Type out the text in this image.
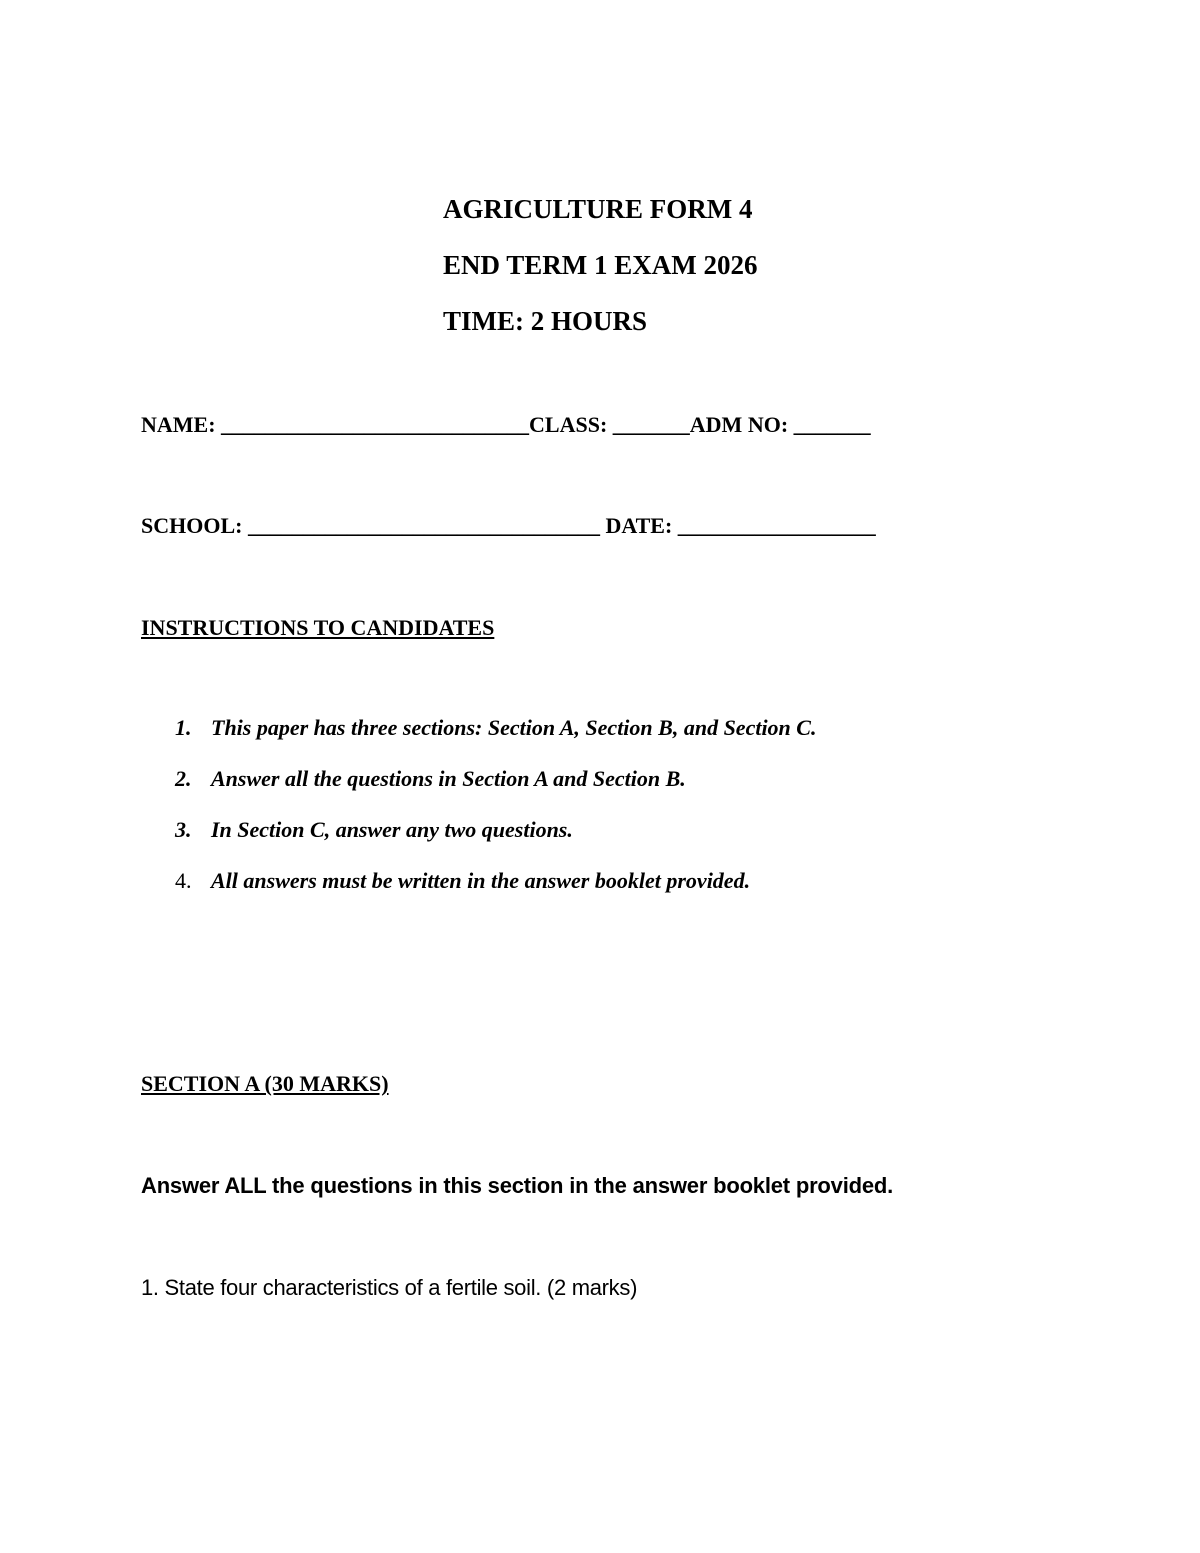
AGRICULTURE FORM 4
END TERM 1 EXAM 2026
TIME: 2 HOURS
NAME: ____________________________CLASS: _______ADM NO: _______
SCHOOL: ________________________________ DATE: __________________
INSTRUCTIONS TO CANDIDATES
1. This paper has three sections: Section A, Section B, and Section C.
2. Answer all the questions in Section A and Section B.
3. In Section C, answer any two questions.
4. All answers must be written in the answer booklet provided.
SECTION A (30 MARKS)
Answer ALL the questions in this section in the answer booklet provided.
1. State four characteristics of a fertile soil. (2 marks)
